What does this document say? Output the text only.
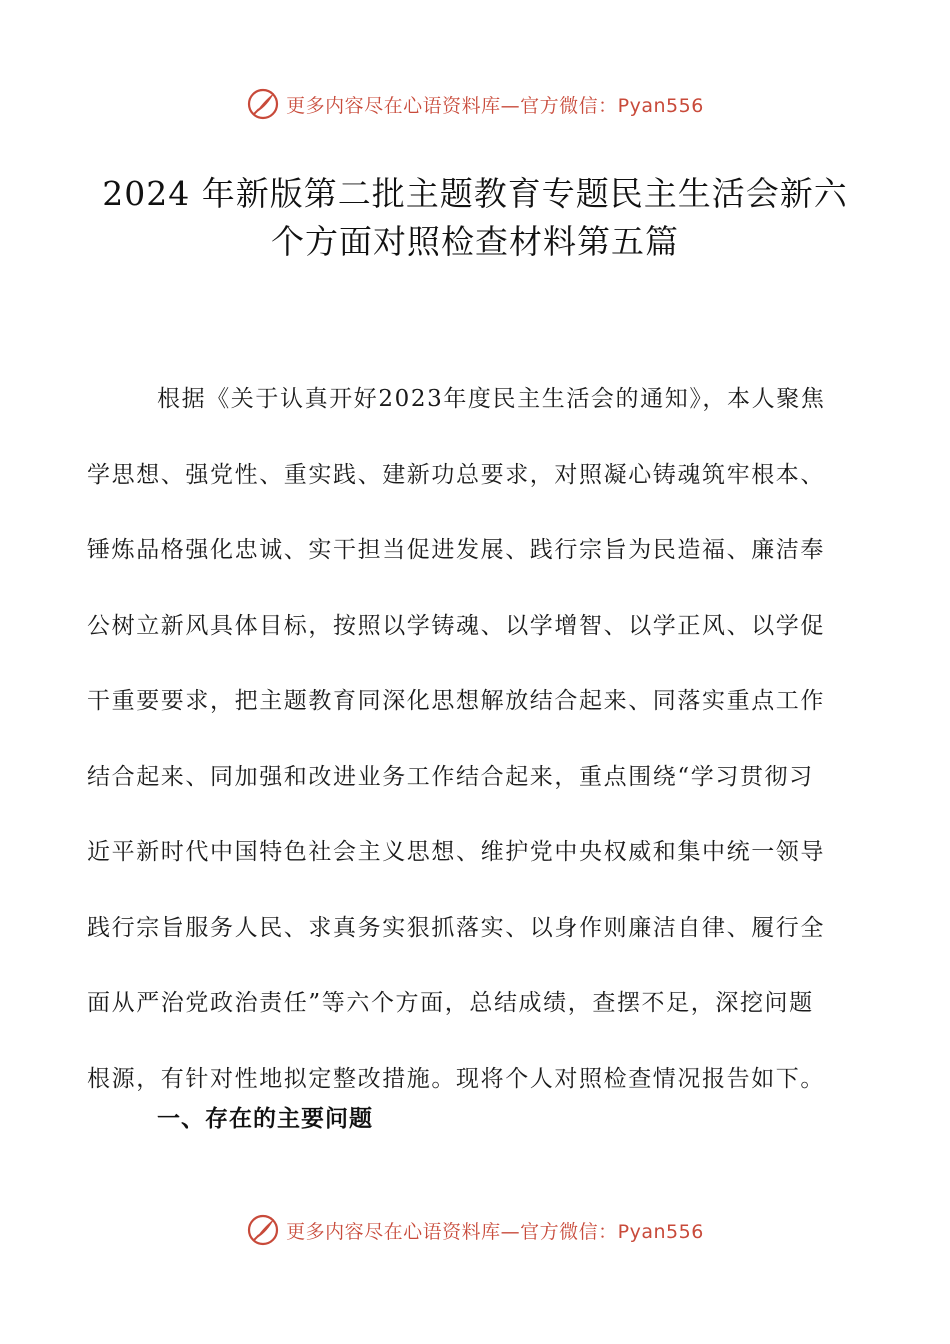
更多内容尽在心语资料库—官方微信：Pyan556
2024 年新版第二批主题教育专题民主生活会新六
个方面对照检查材料第五篇
根据《关于认真开好2023年度民主生活会的通知》，本人聚焦
学思想、强党性、重实践、建新功总要求，对照凝心铸魂筑牢根本、
锤炼品格强化忠诚、实干担当促进发展、践行宗旨为民造福、廉洁奉
公树立新风具体目标，按照以学铸魂、以学增智、以学正风、以学促
干重要要求，把主题教育同深化思想解放结合起来、同落实重点工作
结合起来、同加强和改进业务工作结合起来，重点围绕“学习贯彻习
近平新时代中国特色社会主义思想、维护党中央权威和集中统一领导
践行宗旨服务人民、求真务实狠抓落实、以身作则廉洁自律、履行全
面从严治党政治责任”等六个方面，总结成绩，查摆不足，深挖问题
根源，有针对性地拟定整改措施。现将个人对照检查情况报告如下。
一、存在的主要问题
更多内容尽在心语资料库—官方微信：Pyan556
